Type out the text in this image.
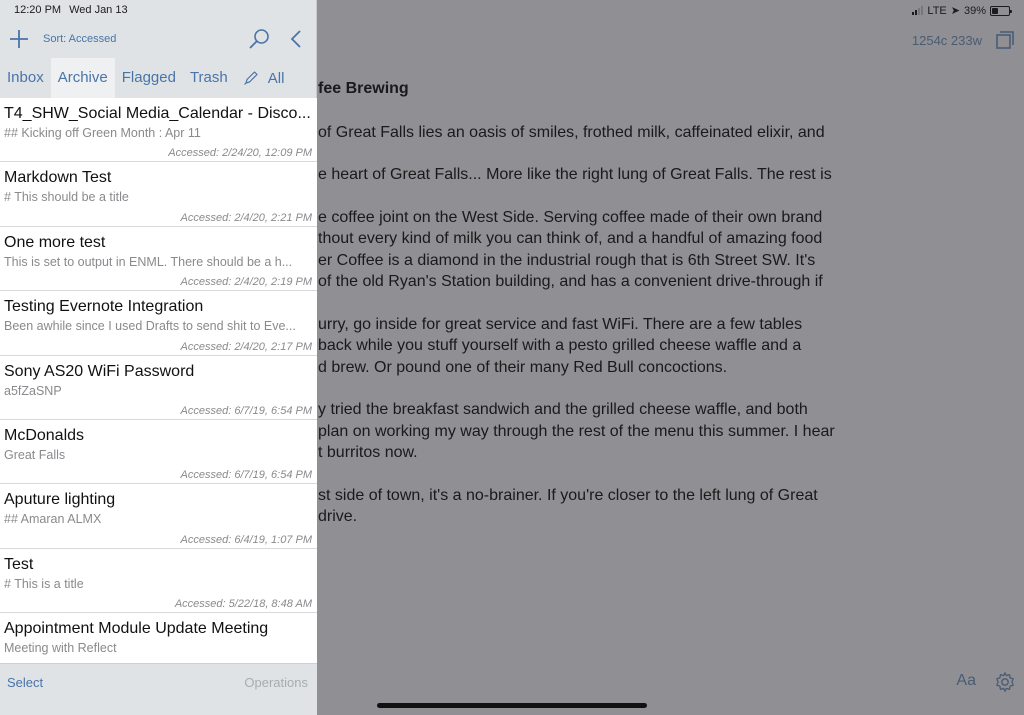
LTE ➤ 39%
1254c 233w
fee Brewing

of Great Falls lies an oasis of smiles, frothed milk, caffeinated elixir, and

e heart of Great Falls... More like the right lung of Great Falls. The rest is

e coffee joint on the West Side. Serving coffee made of their own brand
thout every kind of milk you can think of, and a handful of amazing food
er Coffee is a diamond in the industrial rough that is 6th Street SW. It's
of the old Ryan's Station building, and has a convenient drive-through if

urry, go inside for great service and fast WiFi. There are a few tables
back while you stuff yourself with a pesto grilled cheese waffle and a
d brew. Or pound one of their many Red Bull concoctions.

y tried the breakfast sandwich and the grilled cheese waffle, and both
plan on working my way through the rest of the menu this summer. I hear
t burritos now.

st side of town, it's a no-brainer. If you're closer to the left lung of Great
drive.

Aa
12:20 PM Wed Jan 13
Sort: Accessed
Inbox Archive Flagged Trash	All
T4_SHW_Social Media_Calendar - Disco...
## Kicking off Green Month : Apr 11
Accessed: 2/24/20, 12:09 PM
Markdown Test
# This should be a title
Accessed: 2/4/20, 2:21 PM
One more test
This is set to output in ENML. There should be a h...
Accessed: 2/4/20, 2:19 PM
Testing Evernote Integration
Been awhile since I used Drafts to send shit to Eve...
Accessed: 2/4/20, 2:17 PM
Sony AS20 WiFi Password
a5fZaSNP
Accessed: 6/7/19, 6:54 PM
McDonalds
Great Falls
Accessed: 6/7/19, 6:54 PM
Aputure lighting
## Amaran ALMX
Accessed: 6/4/19, 1:07 PM
Test
# This is a title
Accessed: 5/22/18, 8:48 AM
Appointment Module Update Meeting
Meeting with Reflect
Select	Operations
